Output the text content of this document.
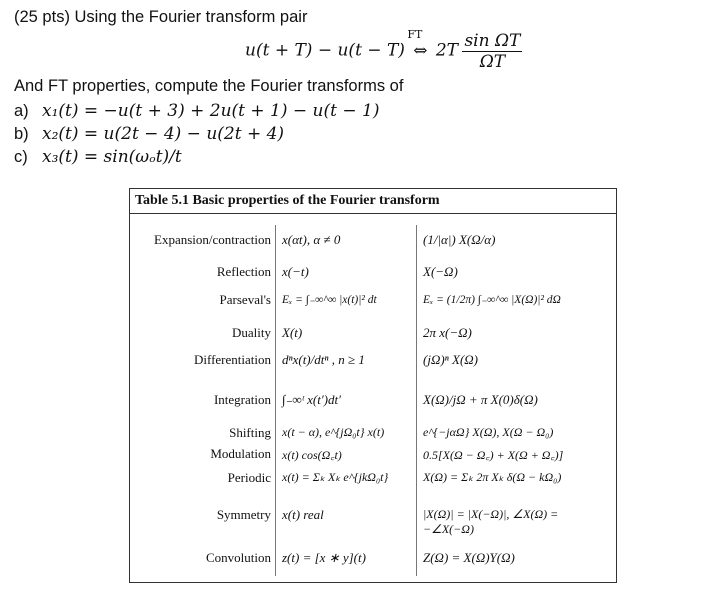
(25 pts) Using the Fourier transform pair
u(t + T) − u(t − T)
FT
⇔ $2T \frac{\text{sin ΩT}}{\Omega T}$
And FT properties, compute the Fourier transforms of
a) x₁(t) = −u(t + 3) + 2u(t + 1) − u(t − 1)
b) x₂(t) = u(2t − 4) − u(2t + 4)
c) x₃(t) = sin(ωₒt)/t
Table 5.1 Basic properties of the Fourier transform
Expansion/contraction x(αt), α ≠ 0	(1/|α|) X(Ω/α)
Reflection x(−t)	X(−Ω)
Parseval's Eₓ = ∫₋∞^∞ |x(t)|² dt	Eₓ = (1/2π) ∫₋∞^∞ |X(Ω)|² dΩ
Duality X(t)	2π x(−Ω)
Differentiation dⁿx(t)/dtⁿ , n ≥ 1	(jΩ)ⁿ X(Ω)
Integration ∫₋∞ᵗ x(t′)dt′	X(Ω)/jΩ + π X(0)δ(Ω)
Shifting x(t − α), e^{jΩ₀t} x(t)	e^{−jαΩ} X(Ω), X(Ω − Ω₀)
Modulation x(t) cos(Ω꜀t)	0.5[X(Ω − Ω꜀) + X(Ω + Ω꜀)]
Periodic x(t) = Σₖ Xₖ e^{jkΩ₀t}	X(Ω) = Σₖ 2π Xₖ δ(Ω − kΩ₀)
Symmetry x(t) real	|X(Ω)| = |X(−Ω)|, ∠X(Ω) = −∠X(−Ω)
Convolution z(t) = [x ∗ y](t)	Z(Ω) = X(Ω)Y(Ω)
